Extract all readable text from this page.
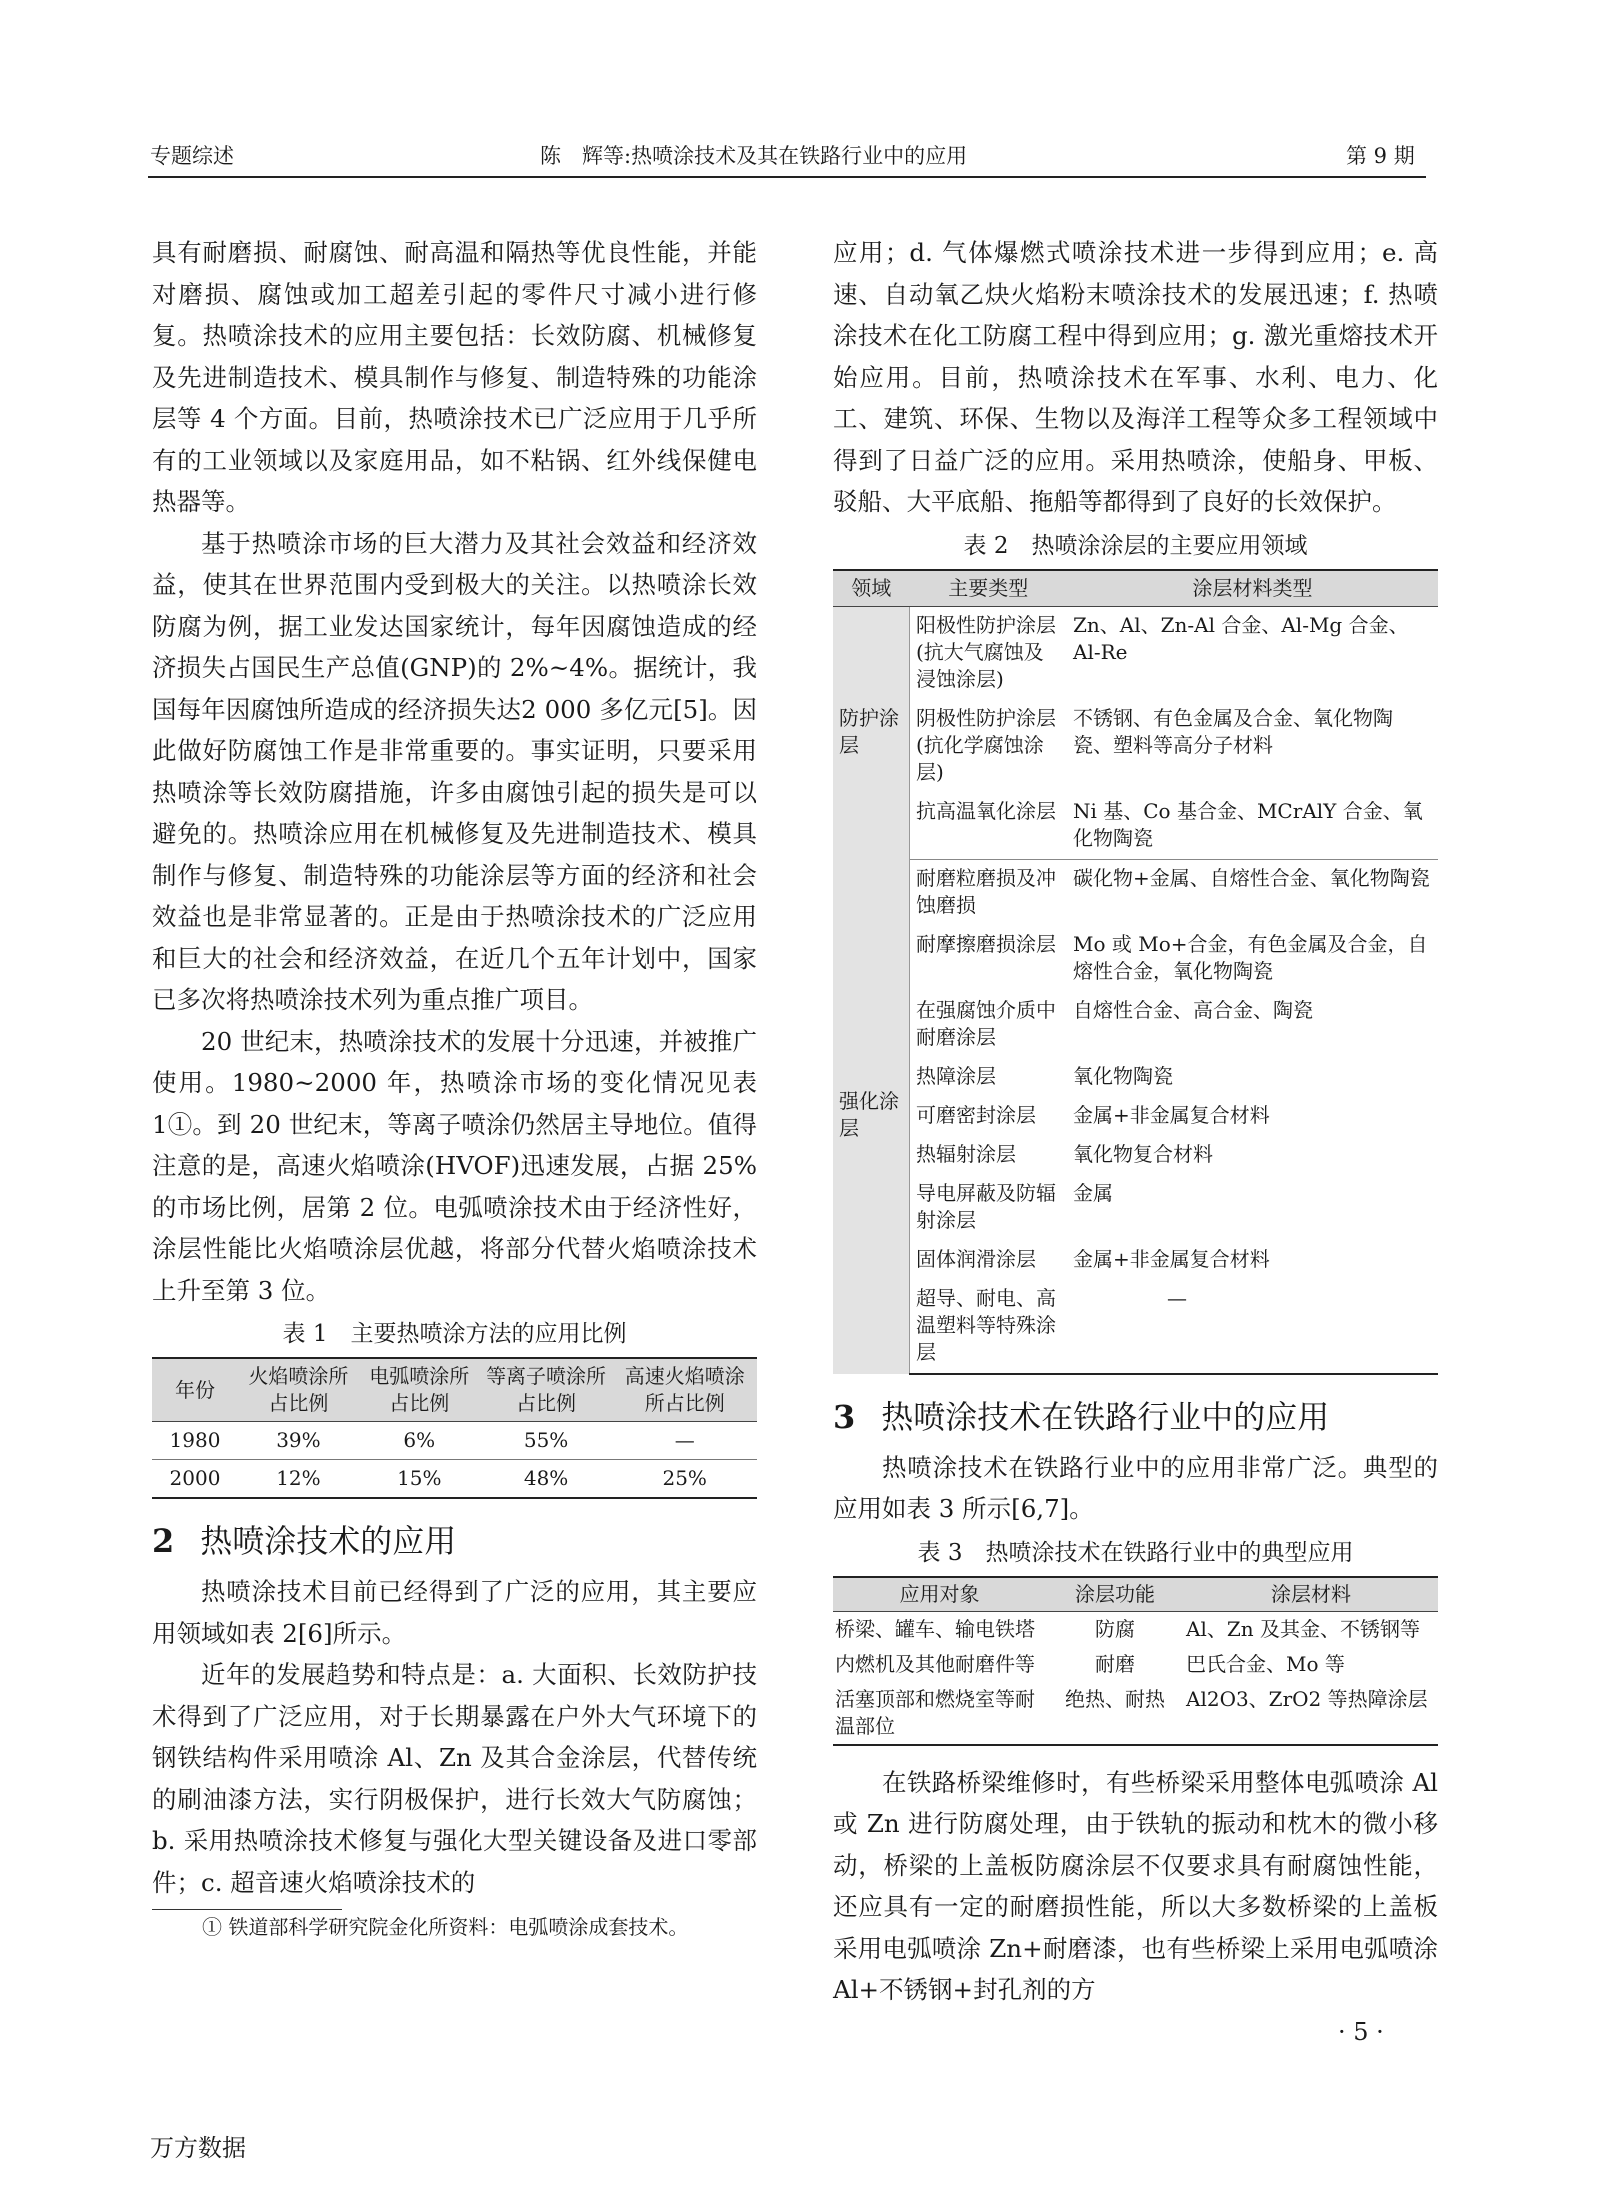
专题综述	陈　辉等:热喷涂技术及其在铁路行业中的应用	第 9 期

具有耐磨损、耐腐蚀、耐高温和隔热等优良性能，并能对磨损、腐蚀或加工超差引起的零件尺寸减小进行修复。热喷涂技术的应用主要包括：长效防腐、机械修复及先进制造技术、模具制作与修复、制造特殊的功能涂层等 4 个方面。目前，热喷涂技术已广泛应用于几乎所有的工业领域以及家庭用品，如不粘锅、红外线保健电热器等。

基于热喷涂市场的巨大潜力及其社会效益和经济效益，使其在世界范围内受到极大的关注。以热喷涂长效防腐为例，据工业发达国家统计，每年因腐蚀造成的经济损失占国民生产总值(GNP)的 2%~4%。据统计，我国每年因腐蚀所造成的经济损失达2 000 多亿元[5]。因此做好防腐蚀工作是非常重要的。事实证明，只要采用热喷涂等长效防腐措施，许多由腐蚀引起的损失是可以避免的。热喷涂应用在机械修复及先进制造技术、模具制作与修复、制造特殊的功能涂层等方面的经济和社会效益也是非常显著的。正是由于热喷涂技术的广泛应用和巨大的社会和经济效益，在近几个五年计划中，国家已多次将热喷涂技术列为重点推广项目。

20 世纪末，热喷涂技术的发展十分迅速，并被推广使用。1980~2000 年，热喷涂市场的变化情况见表 1①。到 20 世纪末，等离子喷涂仍然居主导地位。值得注意的是，高速火焰喷涂(HVOF)迅速发展，占据 25%的市场比例，居第 2 位。电弧喷涂技术由于经济性好，涂层性能比火焰喷涂层优越，将部分代替火焰喷涂技术上升至第 3 位。

表 1　主要热喷涂方法的应用比例
年份	火焰喷涂所占比例	电弧喷涂所占比例	等离子喷涂所占比例	高速火焰喷涂所占比例
1980	39%	6%	55%	—
2000	12%	15%	48%	25%
2 热喷涂技术的应用

热喷涂技术目前已经得到了广泛的应用，其主要应用领域如表 2[6]所示。

近年的发展趋势和特点是：a. 大面积、长效防护技术得到了广泛应用，对于长期暴露在户外大气环境下的钢铁结构件采用喷涂 Al、Zn 及其合金涂层，代替传统的刷油漆方法，实行阴极保护，进行长效大气防腐蚀；b. 采用热喷涂技术修复与强化大型关键设备及进口零部件；c. 超音速火焰喷涂技术的

① 铁道部科学研究院金化所资料：电弧喷涂成套技术。

应用；d. 气体爆燃式喷涂技术进一步得到应用；e. 高速、自动氧乙炔火焰粉末喷涂技术的发展迅速；f. 热喷涂技术在化工防腐工程中得到应用；g. 激光重熔技术开始应用。目前，热喷涂技术在军事、水利、电力、化工、建筑、环保、生物以及海洋工程等众多工程领域中得到了日益广泛的应用。采用热喷涂，使船身、甲板、驳船、大平底船、拖船等都得到了良好的长效保护。

表 2　热喷涂涂层的主要应用领域
领域	主要类型	涂层材料类型
防护涂层	阳极性防护涂层(抗大气腐蚀及浸蚀涂层)	Zn、Al、Zn-Al 合金、Al-Mg 合金、Al-Re
	阴极性防护涂层(抗化学腐蚀涂层)	不锈钢、有色金属及合金、氧化物陶瓷、塑料等高分子材料
	抗高温氧化涂层	Ni 基、Co 基合金、MCrAlY 合金、氧化物陶瓷
强化涂层	耐磨粒磨损及冲蚀磨损	碳化物+金属、自熔性合金、氧化物陶瓷
	耐摩擦磨损涂层	Mo 或 Mo+合金，有色金属及合金，自熔性合金，氧化物陶瓷
	在强腐蚀介质中耐磨涂层	自熔性合金、高合金、陶瓷
	热障涂层	氧化物陶瓷
	可磨密封涂层	金属+非金属复合材料
	热辐射涂层	氧化物复合材料
	导电屏蔽及防辐射涂层	金属
	固体润滑涂层	金属+非金属复合材料
	超导、耐电、高温塑料等特殊涂层	—
3 热喷涂技术在铁路行业中的应用

热喷涂技术在铁路行业中的应用非常广泛。典型的应用如表 3 所示[6,7]。

表 3　热喷涂技术在铁路行业中的典型应用
应用对象	涂层功能	涂层材料
桥梁、罐车、输电铁塔	防腐	Al、Zn 及其金、不锈钢等
内燃机及其他耐磨件等	耐磨	巴氏合金、Mo 等
活塞顶部和燃烧室等耐温部位	绝热、耐热	Al2O3、ZrO2 等热障涂层

在铁路桥梁维修时，有些桥梁采用整体电弧喷涂 Al 或 Zn 进行防腐处理，由于铁轨的振动和枕木的微小移动，桥梁的上盖板防腐涂层不仅要求具有耐腐蚀性能，还应具有一定的耐磨损性能，所以大多数桥梁的上盖板采用电弧喷涂 Zn+耐磨漆，也有些桥梁上采用电弧喷涂 Al+不锈钢+封孔剂的方

· 5 ·
万方数据
